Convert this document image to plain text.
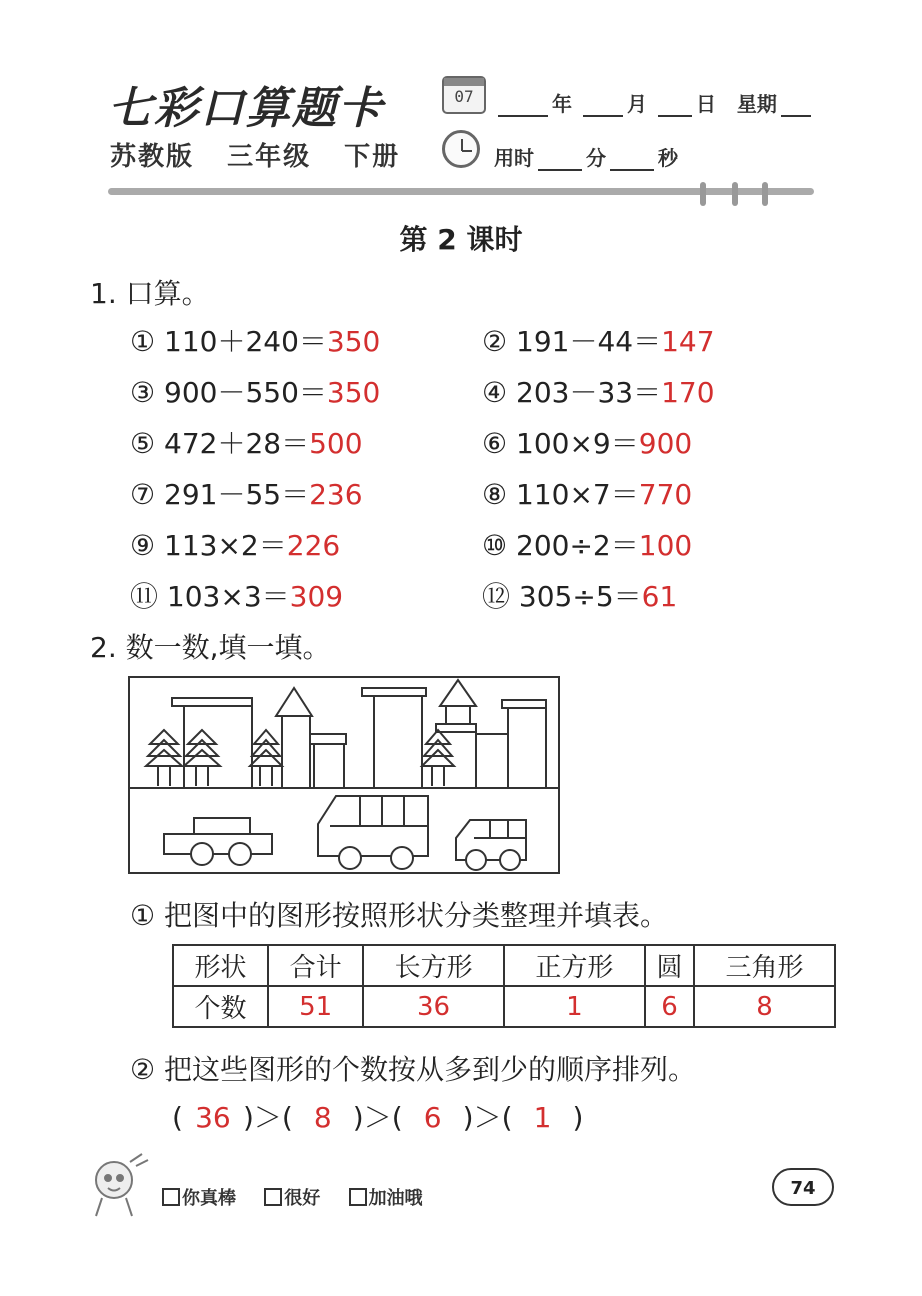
七彩口算题卡
苏教版 三年级 下册
07	年	月 日 星期
用时	分	秒
第 2 课时
1. 口算。
① 110＋240＝350	② 191－44＝147
③ 900－550＝350	④ 203－33＝170
⑤ 472＋28＝500	⑥ 100×9＝900
⑦ 291－55＝236	⑧ 110×7＝770
⑨ 113×2＝226	⑩ 200÷2＝100
⑪ 103×3＝309	⑫ 305÷5＝61
2. 数一数,填一填。
① 把图中的图形按照形状分类整理并填表。
形状	合计	长方形	正方形	圆	三角形
个数	51	36	1	6	8
② 把这些图形的个数按从多到少的顺序排列。
( 36 )＞( 8 )＞( 6 )＞( 1 )
你真棒	很好	加油哦	74
